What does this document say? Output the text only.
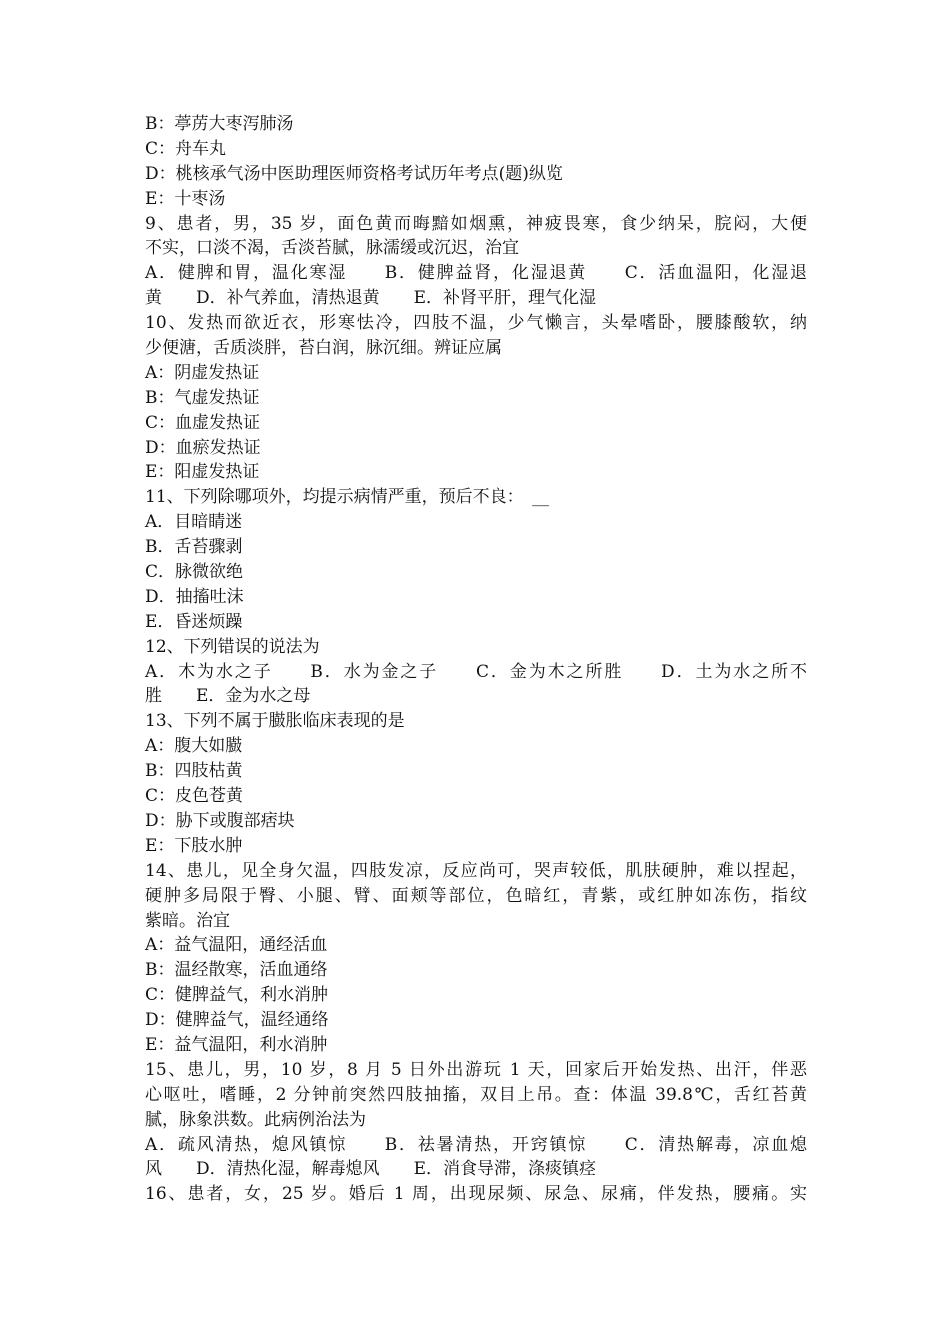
B：葶苈大枣泻肺汤
C：舟车丸
D：桃核承气汤中医助理医师资格考试历年考点(题)纵览
E：十枣汤
9、患者，男，35 岁，面色黄而晦黯如烟熏，神疲畏寒，食少纳呆，脘闷，大便
不实，口淡不渴，舌淡苔腻，脉濡缓或沉迟，治宜
A．健脾和胃，温化寒湿　　B．健脾益肾，化湿退黄　　C．活血温阳，化湿退
黄　　D．补气养血，清热退黄　　E．补肾平肝，理气化湿
10、发热而欲近衣，形寒怯冷，四肢不温，少气懒言，头晕嗜卧，腰膝酸软，纳
少便溏，舌质淡胖，苔白润，脉沉细。辨证应属
A：阴虚发热证
B：气虚发热证
C：血虚发热证
D：血瘀发热证
E：阳虚发热证
11、下列除哪项外，均提示病情严重，预后不良：　__
A．目暗睛迷
B．舌苔骤剥
C．脉微欲绝
D．抽搐吐沫
E．昏迷烦躁
12、下列错误的说法为
A．木为水之子　　B．水为金之子　　C．金为木之所胜　　D．土为水之所不
胜　　E．金为水之母
13、下列不属于臌胀临床表现的是
A：腹大如臌
B：四肢枯黄
C：皮色苍黄
D：胁下或腹部痞块
E：下肢水肿
14、患儿，见全身欠温，四肢发凉，反应尚可，哭声较低，肌肤硬肿，难以捏起，
硬肿多局限于臀、小腿、臂、面颊等部位，色暗红，青紫，或红肿如冻伤，指纹
紫暗。治宜
A：益气温阳，通经活血
B：温经散寒，活血通络
C：健脾益气，利水消肿
D：健脾益气，温经通络
E：益气温阳，利水消肿
15、患儿，男，10 岁，8 月 5 日外出游玩 1 天，回家后开始发热、出汗，伴恶
心呕吐，嗜睡，2 分钟前突然四肢抽搐，双目上吊。查：体温 39.8℃，舌红苔黄
腻，脉象洪数。此病例治法为
A．疏风清热，熄风镇惊　　B．祛暑清热，开窍镇惊　　C．清热解毒，凉血熄
风　　D．清热化湿，解毒熄风　　E．消食导滞，涤痰镇痉
16、患者，女，25 岁。婚后 1 周，出现尿频、尿急、尿痛，伴发热，腰痛。实
